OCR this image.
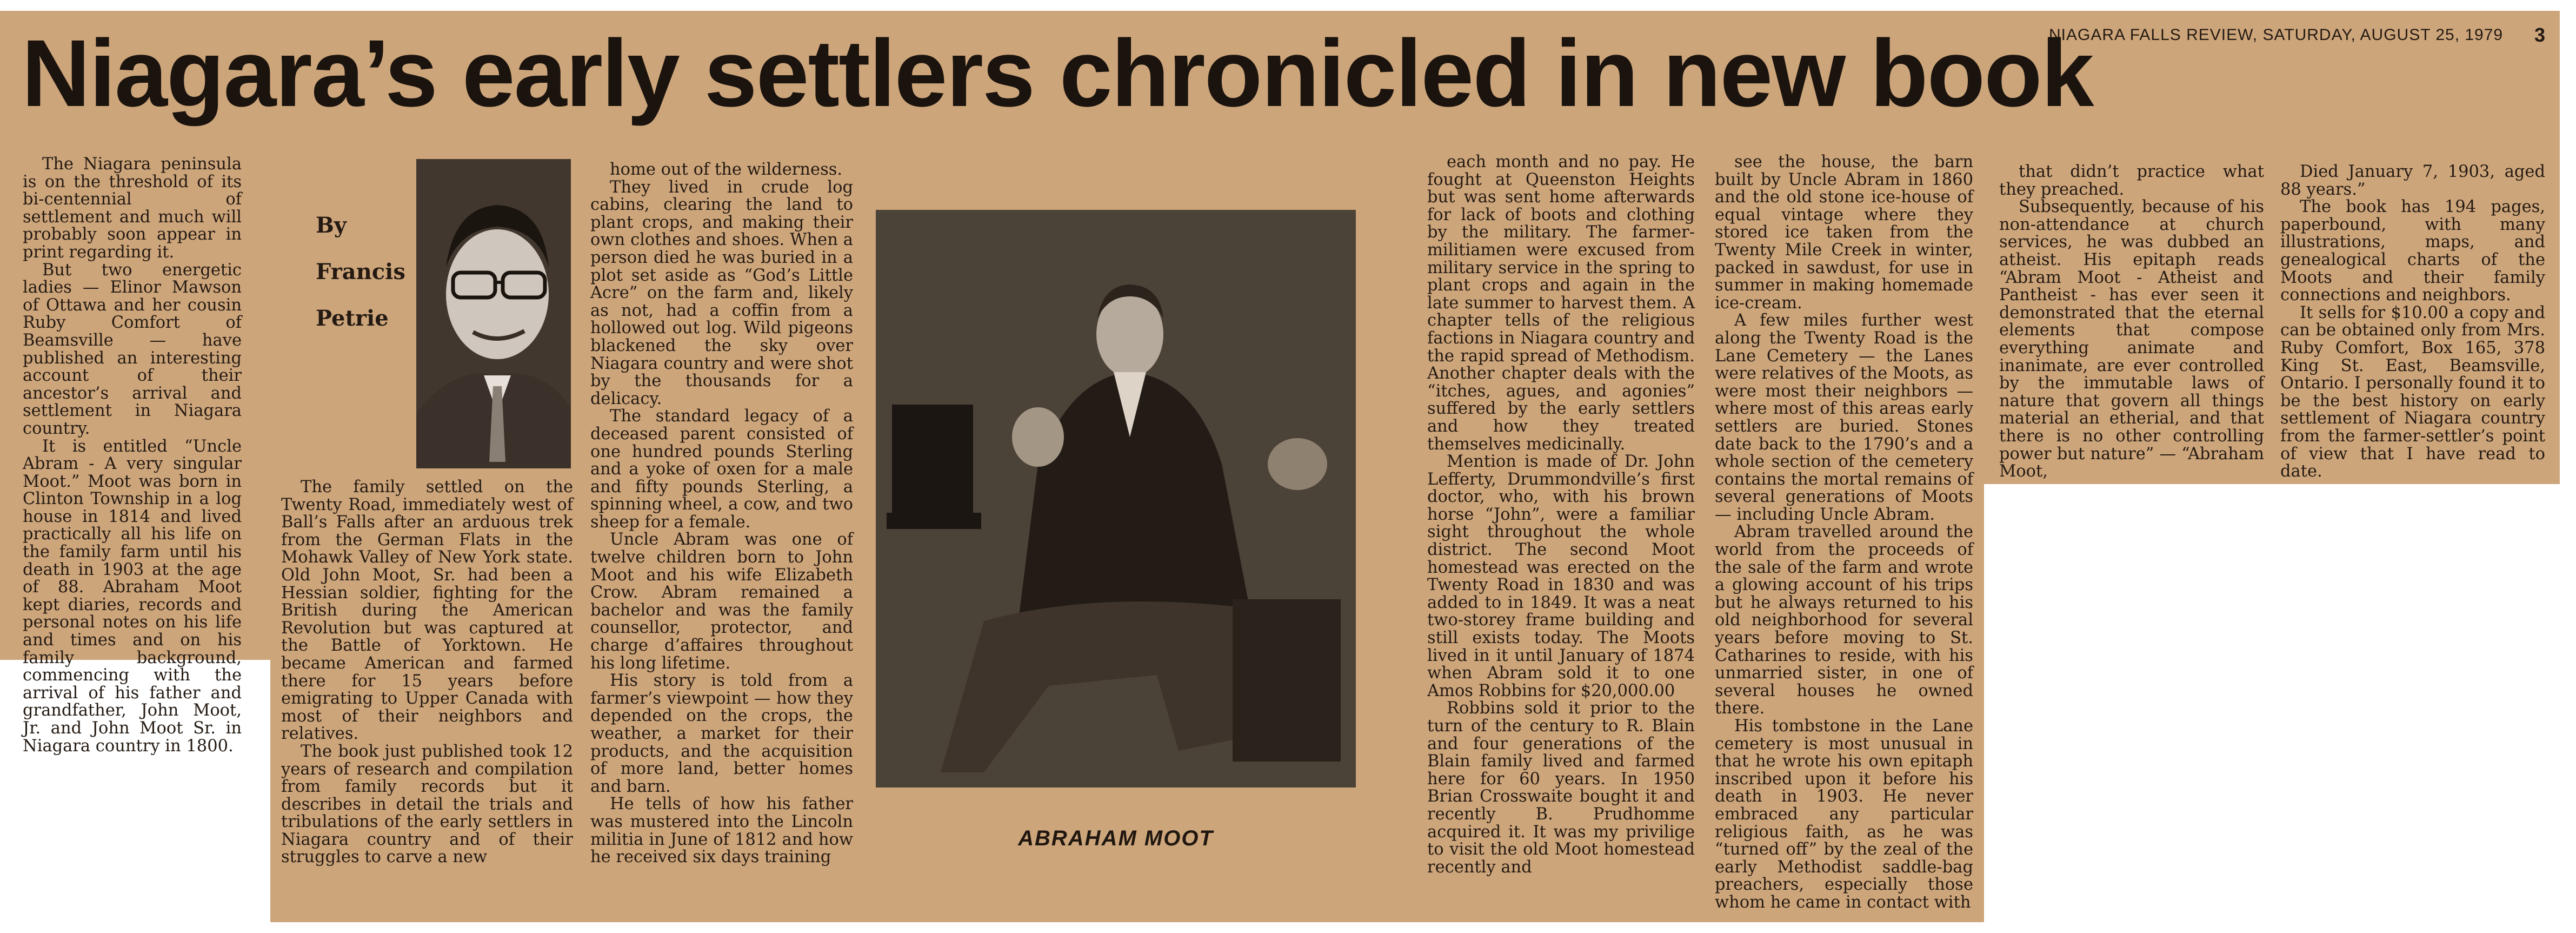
NIAGARA FALLS REVIEW, SATURDAY, AUGUST 25, 1979 3
Niagara’s early settlers chronicled in new book

The Niagara peninsula is on the threshold of its bi-centennial of settlement and much will probably soon appear in print regarding it.

But two energetic ladies — Elinor Mawson of Ottawa and her cousin Ruby Comfort of Beamsville — have published an interesting account of their ancestor’s arrival and settlement in Niagara country.

It is entitled “Uncle Abram - A very singular Moot.” Moot was born in Clinton Township in a log house in 1814 and lived practically all his life on the family farm until his death in 1903 at the age of 88. Abraham Moot kept diaries, records and personal notes on his life and times and on his family background, commencing with the arrival of his father and grandfather, John Moot, Jr. and John Moot Sr. in Niagara country in 1800.

By
Francis
Petrie

The family settled on the Twenty Road, immediately west of Ball’s Falls after an arduous trek from the German Flats in the Mohawk Valley of New York state. Old John Moot, Sr. had been a Hessian soldier, fighting for the British during the American Revolution but was captured at the Battle of Yorktown. He became American and farmed there for 15 years before emigrating to Upper Canada with most of their neighbors and relatives.

The book just published took 12 years of research and compilation from family records but it describes in detail the trials and tribulations of the early settlers in Niagara country and of their struggles to carve a new

home out of the wilderness.

They lived in crude log cabins, clearing the land to plant crops, and making their own clothes and shoes. When a person died he was buried in a plot set aside as “God’s Little Acre” on the farm and, likely as not, had a coffin from a hollowed out log. Wild pigeons blackened the sky over Niagara country and were shot by the thousands for a delicacy.

The standard legacy of a deceased parent consisted of one hundred pounds Sterling and a yoke of oxen for a male and fifty pounds Sterling, a spinning wheel, a cow, and two sheep for a female.

Uncle Abram was one of twelve children born to John Moot and his wife Elizabeth Crow. Abram remained a bachelor and was the family counsellor, protector, and charge d’affaires throughout his long lifetime.

His story is told from a farmer’s viewpoint — how they depended on the crops, the weather, a market for their products, and the acquisition of more land, better homes and barn.

He tells of how his father was mustered into the Lincoln militia in June of 1812 and how he received six days training

ABRAHAM MOOT

each month and no pay. He fought at Queenston Heights but was sent home afterwards for lack of boots and clothing by the military. The farmer-militiamen were excused from military service in the spring to plant crops and again in the late summer to harvest them. A chapter tells of the religious factions in Niagara country and the rapid spread of Methodism. Another chapter deals with the “itches, agues, and agonies” suffered by the early settlers and how they treated themselves medicinally.

Mention is made of Dr. John Lefferty, Drummondville’s first doctor, who, with his brown horse “John”, were a familiar sight throughout the whole district. The second Moot homestead was erected on the Twenty Road in 1830 and was added to in 1849. It was a neat two-storey frame building and still exists today. The Moots lived in it until January of 1874 when Abram sold it to one Amos Robbins for $20,000.00

Robbins sold it prior to the turn of the century to R. Blain and four generations of the Blain family lived and farmed here for 60 years. In 1950 Brian Crosswaite bought it and recently B. Prudhomme acquired it. It was my privilige to visit the old Moot homestead recently and

see the house, the barn built by Uncle Abram in 1860 and the old stone ice-house of equal vintage where they stored ice taken from the Twenty Mile Creek in winter, packed in sawdust, for use in summer in making homemade ice-cream.

A few miles further west along the Twenty Road is the Lane Cemetery — the Lanes were relatives of the Moots, as were most their neighbors — where most of this areas early settlers are buried. Stones date back to the 1790’s and a whole section of the cemetery contains the mortal remains of several generations of Moots — including Uncle Abram.

Abram travelled around the world from the proceeds of the sale of the farm and wrote a glowing account of his trips but he always returned to his old neighborhood for several years before moving to St. Catharines to reside, with his unmarried sister, in one of several houses he owned there.

His tombstone in the Lane cemetery is most unusual in that he wrote his own epitaph inscribed upon it before his death in 1903. He never embraced any particular religious faith, as he was “turned off” by the zeal of the early Methodist saddle-bag preachers, especially those whom he came in contact with

that didn’t practice what they preached.

Subsequently, because of his non-attendance at church services, he was dubbed an atheist. His epitaph reads “Abram Moot - Atheist and Pantheist - has ever seen it demonstrated that the eternal elements that compose everything animate and inanimate, are ever controlled by the immutable laws of nature that govern all things material an etherial, and that there is no other controlling power but nature” — “Abraham Moot,

Died January 7, 1903, aged 88 years.”

The book has 194 pages, paperbound, with many illustrations, maps, and genealogical charts of the Moots and their family connections and neighbors.

It sells for $10.00 a copy and can be obtained only from Mrs. Ruby Comfort, Box 165, 378 King St. East, Beamsville, Ontario. I personally found it to be the best history on early settlement of Niagara country from the farmer-settler’s point of view that I have read to date.
